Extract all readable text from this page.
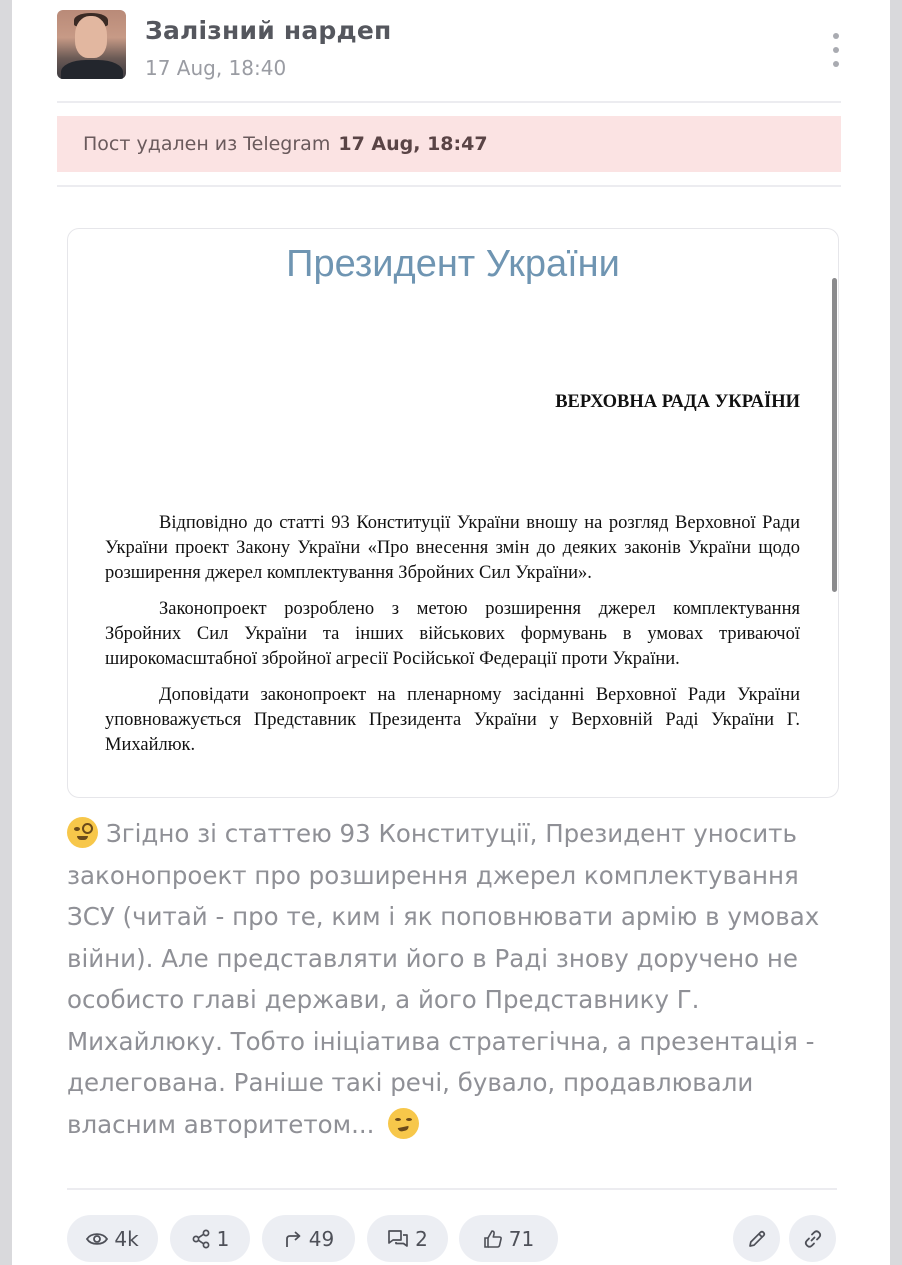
Залізний нардеп
17 Aug, 18:40
Пост удален из Telegram 17 Aug, 18:47
Президент України
ВЕРХОВНА РАДА УКРАЇНИ

Відповідно до статті 93 Конституції України вношу на розгляд Верховної Ради України проект Закону України «Про внесення змін до деяких законів України щодо розширення джерел комплектування Збройних Сил України».

Законопроект розроблено з метою розширення джерел комплектування Збройних Сил України та інших військових формувань в умовах триваючої широкомасштабної збройної агресії Російської Федерації проти України.

Доповідати законопроект на пленарному засіданні Верховної Ради України уповноважується Представник Президента України у Верховній Раді України Г. Михайлюк.

Згідно зі статтею 93 Конституції, Президент уносить законопроект про розширення джерел комплектування ЗСУ (читай - про те, ким і як поповнювати армію в умовах війни). Але представляти його в Раді знову доручено не особисто главі держави, а його Представнику Г. Михайлюку. Тобто ініціатива стратегічна, а презентація - делегована. Раніше такі речі, бувало, продавлювали власним авторитетом...
4k	1	49	2	71
